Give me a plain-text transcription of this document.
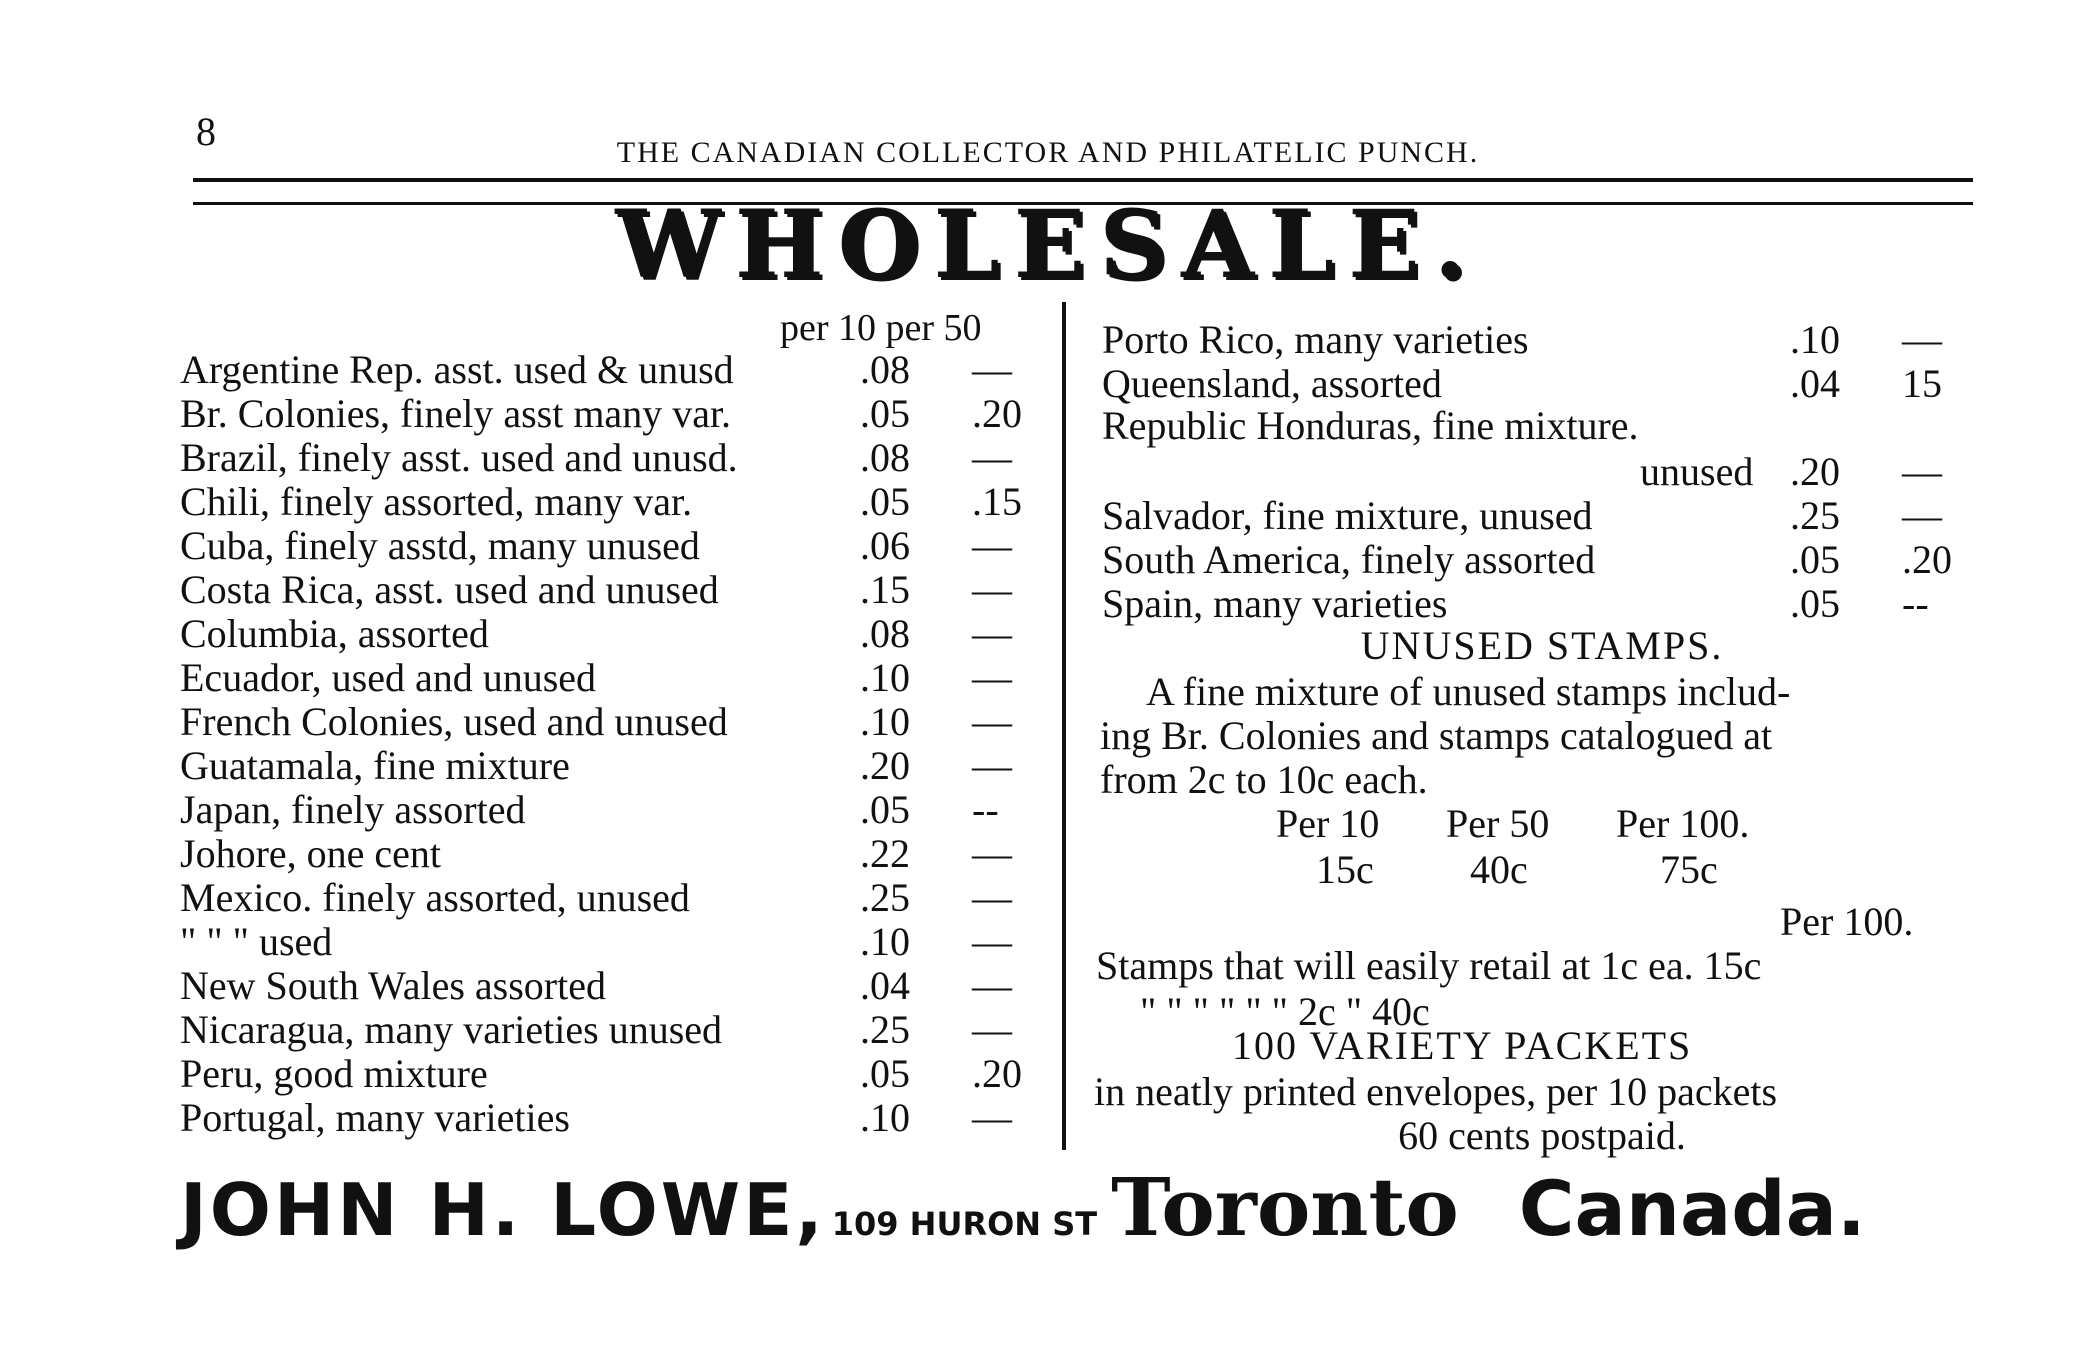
8	THE CANADIAN COLLECTOR AND PHILATELIC PUNCH.
WHOLESALE.
per 10 per 50
Argentine Rep. asst. used & unusd	.08 —
Br. Colonies, finely asst many var.	.05 .20
Brazil, finely asst. used and unusd.	.08 —
Chili, finely assorted, many var.	.05 .15
Cuba, finely asstd, many unused	.06 —
Costa Rica, asst. used and unused	.15 —
Columbia, assorted	.08 —
Ecuador, used and unused	.10 —
French Colonies, used and unused	.10 —
Guatamala, fine mixture	.20 —
Japan, finely assorted	.05 --
Johore, one cent	.22 —
Mexico. finely assorted, unused	.25 —
" " " used	.10 —
New South Wales assorted	.04 —
Nicaragua, many varieties unused	.25 —
Peru, good mixture	.05 .20
Portugal, many varieties	.10 —
Porto Rico, many varieties	.10 —
Queensland, assorted	.04 15
Republic Honduras, fine mixture.
unused .20 —
Salvador, fine mixture, unused	.25 —
South America, finely assorted	.05 .20
Spain, many varieties	.05 --
UNUSED STAMPS.
A fine mixture of unused stamps includ-
ing Br. Colonies and stamps catalogued at
from 2c to 10c each.
Per 10 Per 50 Per 100.
15c 40c	75c
Per 100.
Stamps that will easily retail at 1c ea. 15c
" " " " " " 2c " 40c
100 VARIETY PACKETS
in neatly printed envelopes, per 10 packets
60 cents postpaid.
JOHN H. LOWE, 109 HURON ST Toronto Canada.
